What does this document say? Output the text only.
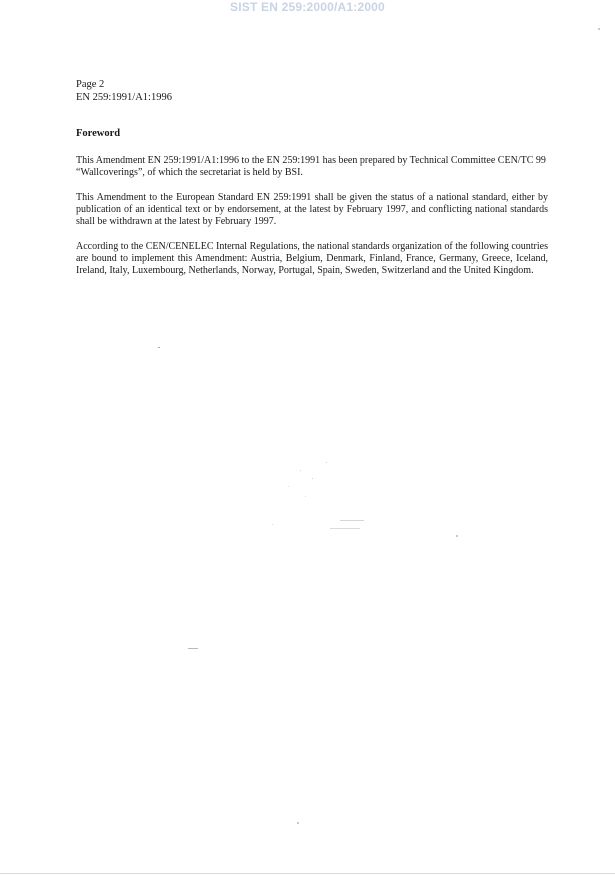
SIST EN 259:2000/A1:2000
Page 2
EN 259:1991/A1:1996
Foreword

This Amendment EN 259:1991/A1:1996 to the EN 259:1991 has been prepared by Technical Committee CEN/TC 99 “Wallcoverings”, of which the secretariat is held by BSI.

This Amendment to the European Standard EN 259:1991 shall be given the status of a national standard, either by publication of an identical text or by endorsement, at the latest by February 1997, and conflicting national standards shall be withdrawn at the latest by February 1997.

According to the CEN/CENELEC Internal Regulations, the national standards organization of the following countries are bound to implement this Amendment: Austria, Belgium, Denmark, Finland, France, Germany, Greece, Iceland, Ireland, Italy, Luxembourg, Netherlands, Norway, Portugal, Spain, Sweden, Switzerland and the United Kingdom.
